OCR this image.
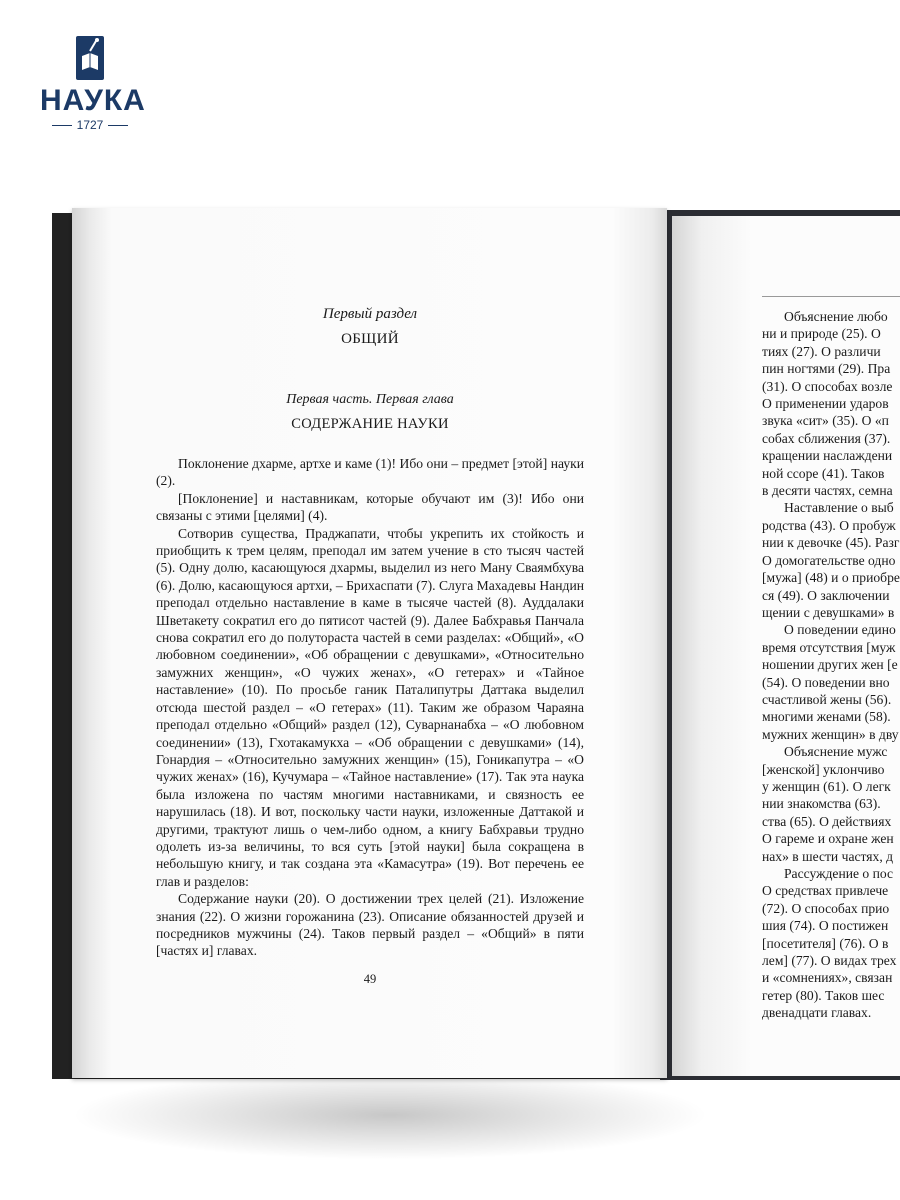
НАУКА
1727

Первый раздел

ОБЩИЙ

Первая часть. Первая глава

СОДЕРЖАНИЕ НАУКИ

Поклонение дхарме, артхе и каме (1)! Ибо они – предмет [этой] науки (2).

[Поклонение] и наставникам, которые обучают им (3)! Ибо они связаны с этими [целями] (4).

Сотворив существа, Праджапати, чтобы укрепить их стойкость и приобщить к трем целям, преподал им затем учение в сто тысяч частей (5). Одну долю, касающуюся дхармы, выделил из него Ману Сваямбхува (6). Долю, касающуюся артхи, – Брихаспати (7). Слуга Махадевы Нандин преподал отдельно наставление в каме в тысяче частей (8). Ауддалаки Шветакету сократил его до пятисот частей (9). Далее Бабхравья Панчала снова сократил его до полутораста частей в семи разделах: «Общий», «О любовном соединении», «Об обращении с девушками», «Относительно замужних женщин», «О чужих женах», «О гетерах» и «Тайное наставление» (10). По просьбе ганик Паталипутры Даттака выделил отсюда шестой раздел – «О гетерах» (11). Таким же образом Чараяна преподал отдельно «Общий» раздел (12), Суварнанабха – «О любовном соединении» (13), Гхотакамукха – «Об обращении с девушками» (14), Гонардия – «Относительно замужних женщин» (15), Гоникапутра – «О чужих женах» (16), Кучумара – «Тайное наставление» (17). Так эта наука была изложена по частям многими наставниками, и связность ее нарушилась (18). И вот, поскольку части науки, изложенные Даттакой и другими, трактуют лишь о чем-либо одном, а книгу Бабхравьи трудно одолеть из-за величины, то вся суть [этой науки] была сокращена в небольшую книгу, и так создана эта «Камасутра» (19). Вот перечень ее глав и разделов:

Содержание науки (20). О достижении трех целей (21). Изложение знания (22). О жизни горожанина (23). Описание обязанностей друзей и посредников мужчины (24). Таков первый раздел – «Общий» в пяти [частях и] главах.

49
Объяснение любо
ни и природе (25). О
тиях (27). О различи
пин ногтями (29). Пра
(31). О способах возле
О применении ударов
звука «сит» (35). О «п
собах сближения (37).
кращении наслаждени
ной ссоре (41). Таков
в десяти частях, семна
Наставление о выб
родства (43). О пробуж
нии к девочке (45). Разг
О домогательстве одно
[мужа] (48) и о приобре
ся (49). О заключении
щении с девушками» в
О поведении едино
время отсутствия [муж
ношении других жен [е
(54). О поведении вно
счастливой жены (56).
многими женами (58).
мужних женщин» в дву
Объяснение мужс
[женской] уклончиво
у женщин (61). О легк
нии знакомства (63).
ства (65). О действиях
О гареме и охране жен
нах» в шести частях, д
Рассуждение о пос
О средствах привлече
(72). О способах прио
шия (74). О постижен
[посетителя] (76). О в
лем] (77). О видах трех
и «сомнениях», связан
гетер (80). Таков шес
двенадцати главах.
